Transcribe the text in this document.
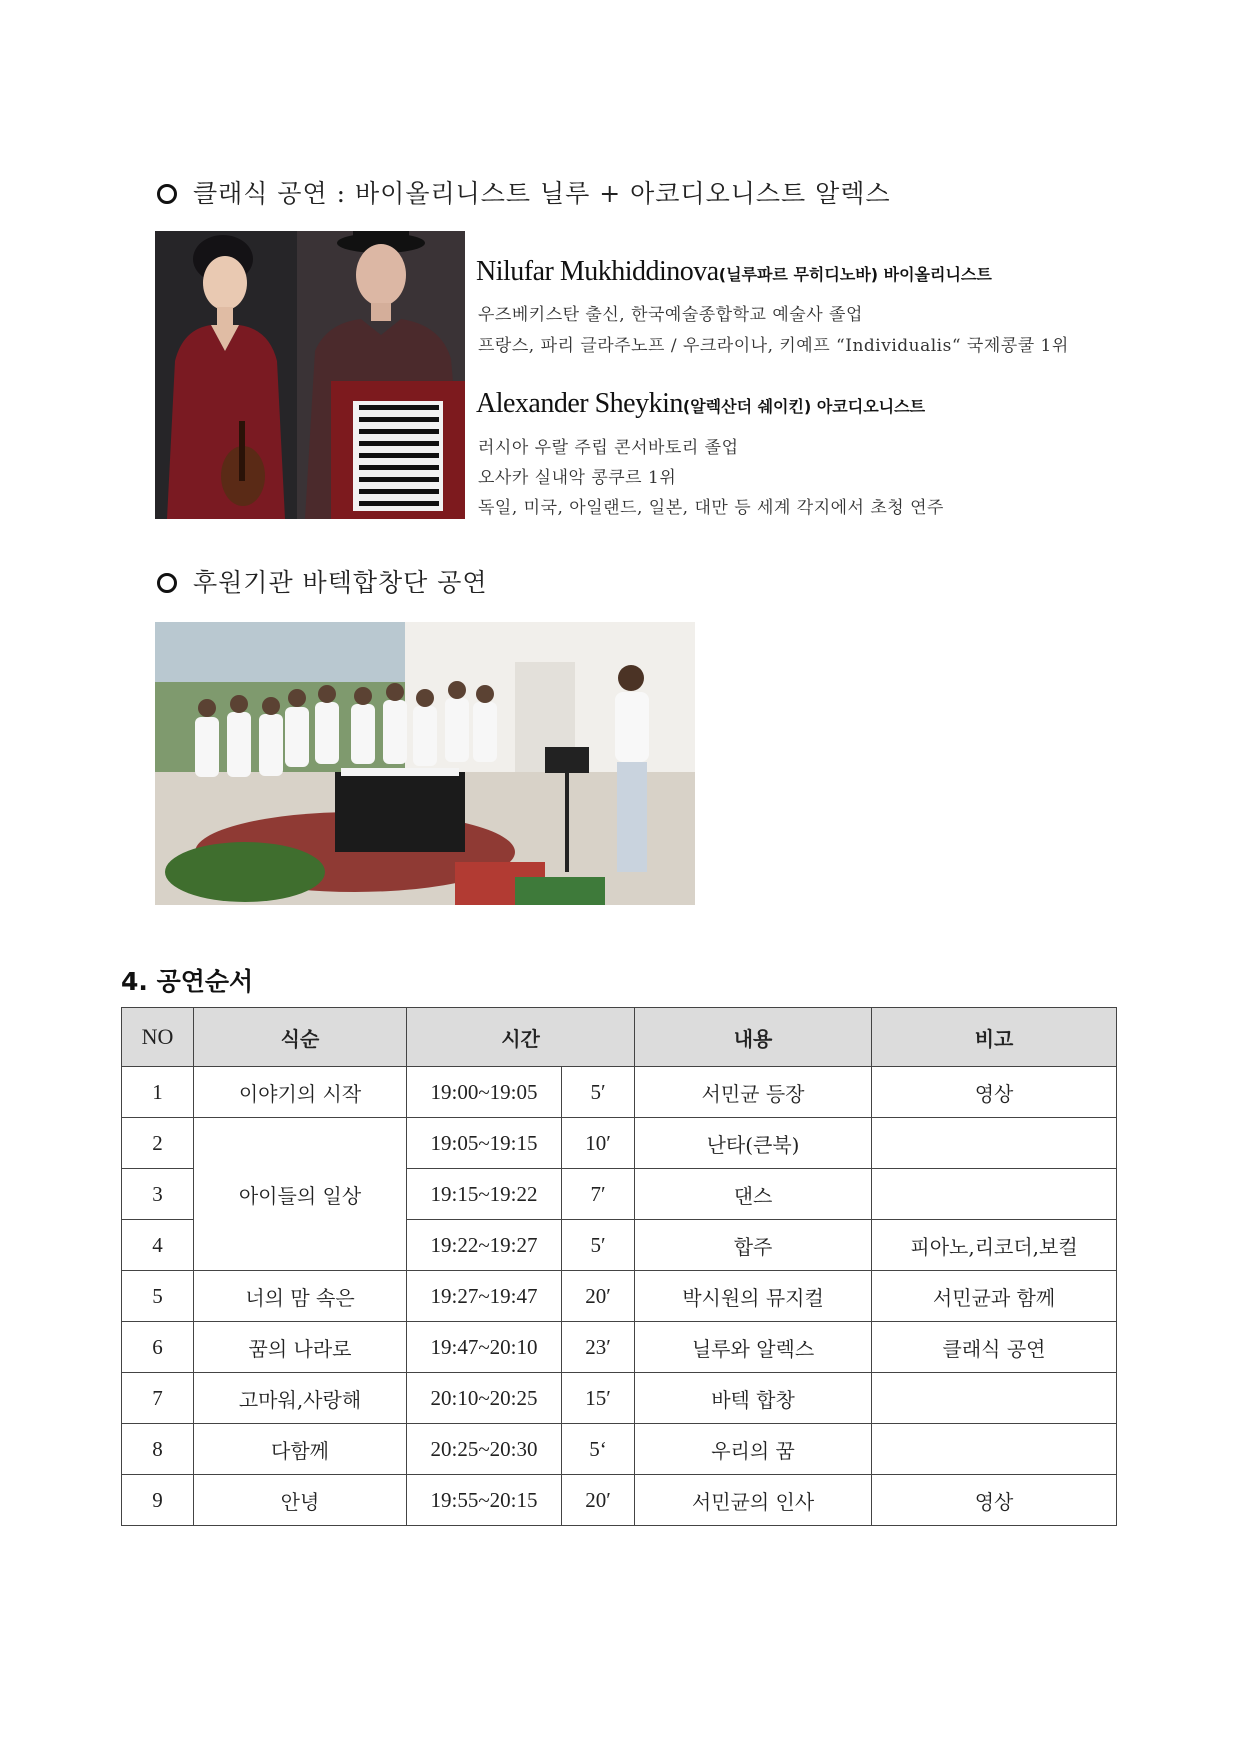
클래식 공연 : 바이올리니스트 닐루 + 아코디오니스트 알렉스
Nilufar Mukhiddinova(닐루파르 무히디노바) 바이올리니스트
우즈베키스탄 출신, 한국예술종합학교 예술사 졸업
프랑스, 파리 글라주노프 / 우크라이나, 키예프 “Individualis“ 국제콩쿨 1위
Alexander Sheykin(알렉산더 쉐이킨) 아코디오니스트
러시아 우랄 주립 콘서바토리 졸업
오사카 실내악 콩쿠르 1위
독일, 미국, 아일랜드, 일본, 대만 등 세계 각지에서 초청 연주
후원기관 바텍합창단 공연
4. 공연순서
NO	식순	시간		내용	비고
1	이야기의 시작	19:00~19:05	5′	서민균 등장	영상
2	아이들의 일상	19:05~19:15	10′	난타(큰북)	
3		19:15~19:22	7′	댄스	
4		19:22~19:27	5′	합주	피아노,리코더,보컬
5	너의 맘 속은	19:27~19:47	20′	박시원의 뮤지컬	서민균과 함께
6	꿈의 나라로	19:47~20:10	23′	닐루와 알렉스	클래식 공연
7	고마워,사랑해	20:10~20:25	15′	바텍 합창	
8	다함께	20:25~20:30	5‘	우리의 꿈	
9	안녕	19:55~20:15	20′	서민균의 인사	영상
